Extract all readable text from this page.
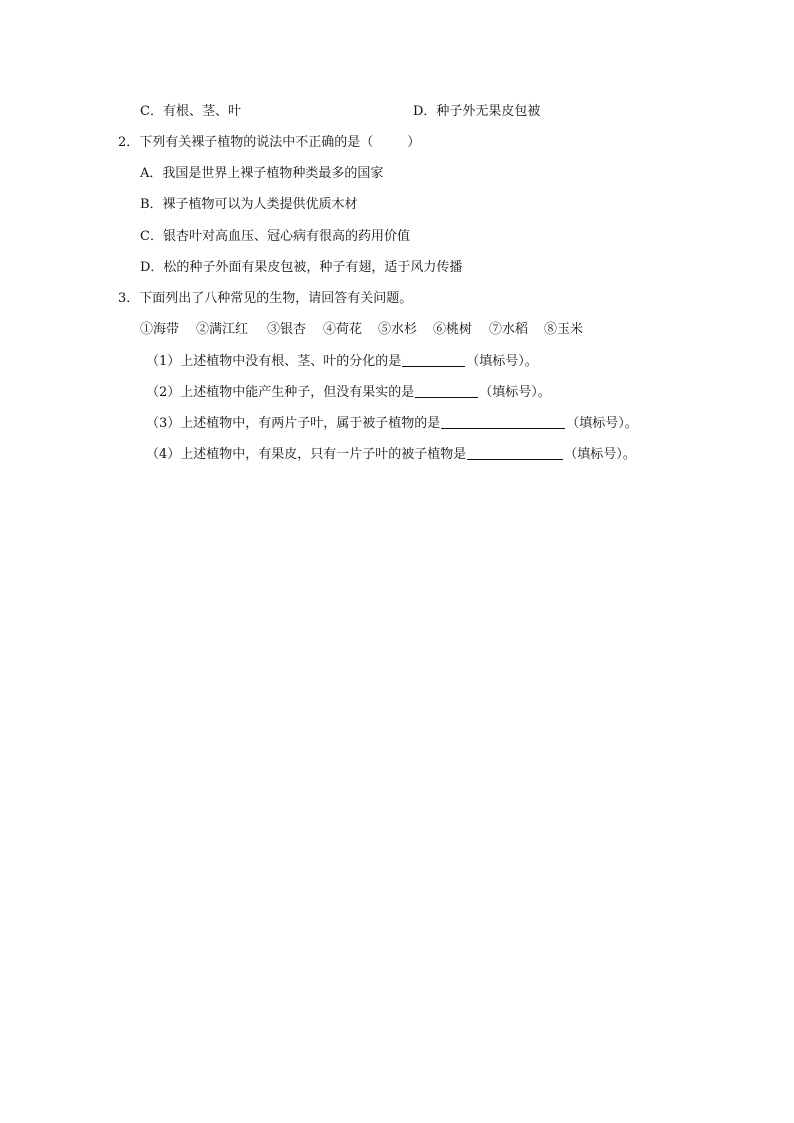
C．有根、茎、叶	D．种子外无果皮包被
2．下列有关裸子植物的说法中不正确的是（	）
A．我国是世界上裸子植物种类最多的国家
B．裸子植物可以为人类提供优质木材
C．银杏叶对高血压、冠心病有很高的药用价值
D．松的种子外面有果皮包被，种子有翅，适于风力传播
3．下面列出了八种常见的生物，请回答有关问题。
①海带 ②满江红 ③银杏 ④荷花 ⑤水杉 ⑥桃树 ⑦水稻 ⑧玉米
（1）上述植物中没有根、茎、叶的分化的是	（填标号）。
（2）上述植物中能产生种子，但没有果实的是	（填标号）。
（3）上述植物中，有两片子叶，属于被子植物的是	（填标号）。
（4）上述植物中，有果皮，只有一片子叶的被子植物是	（填标号）。
